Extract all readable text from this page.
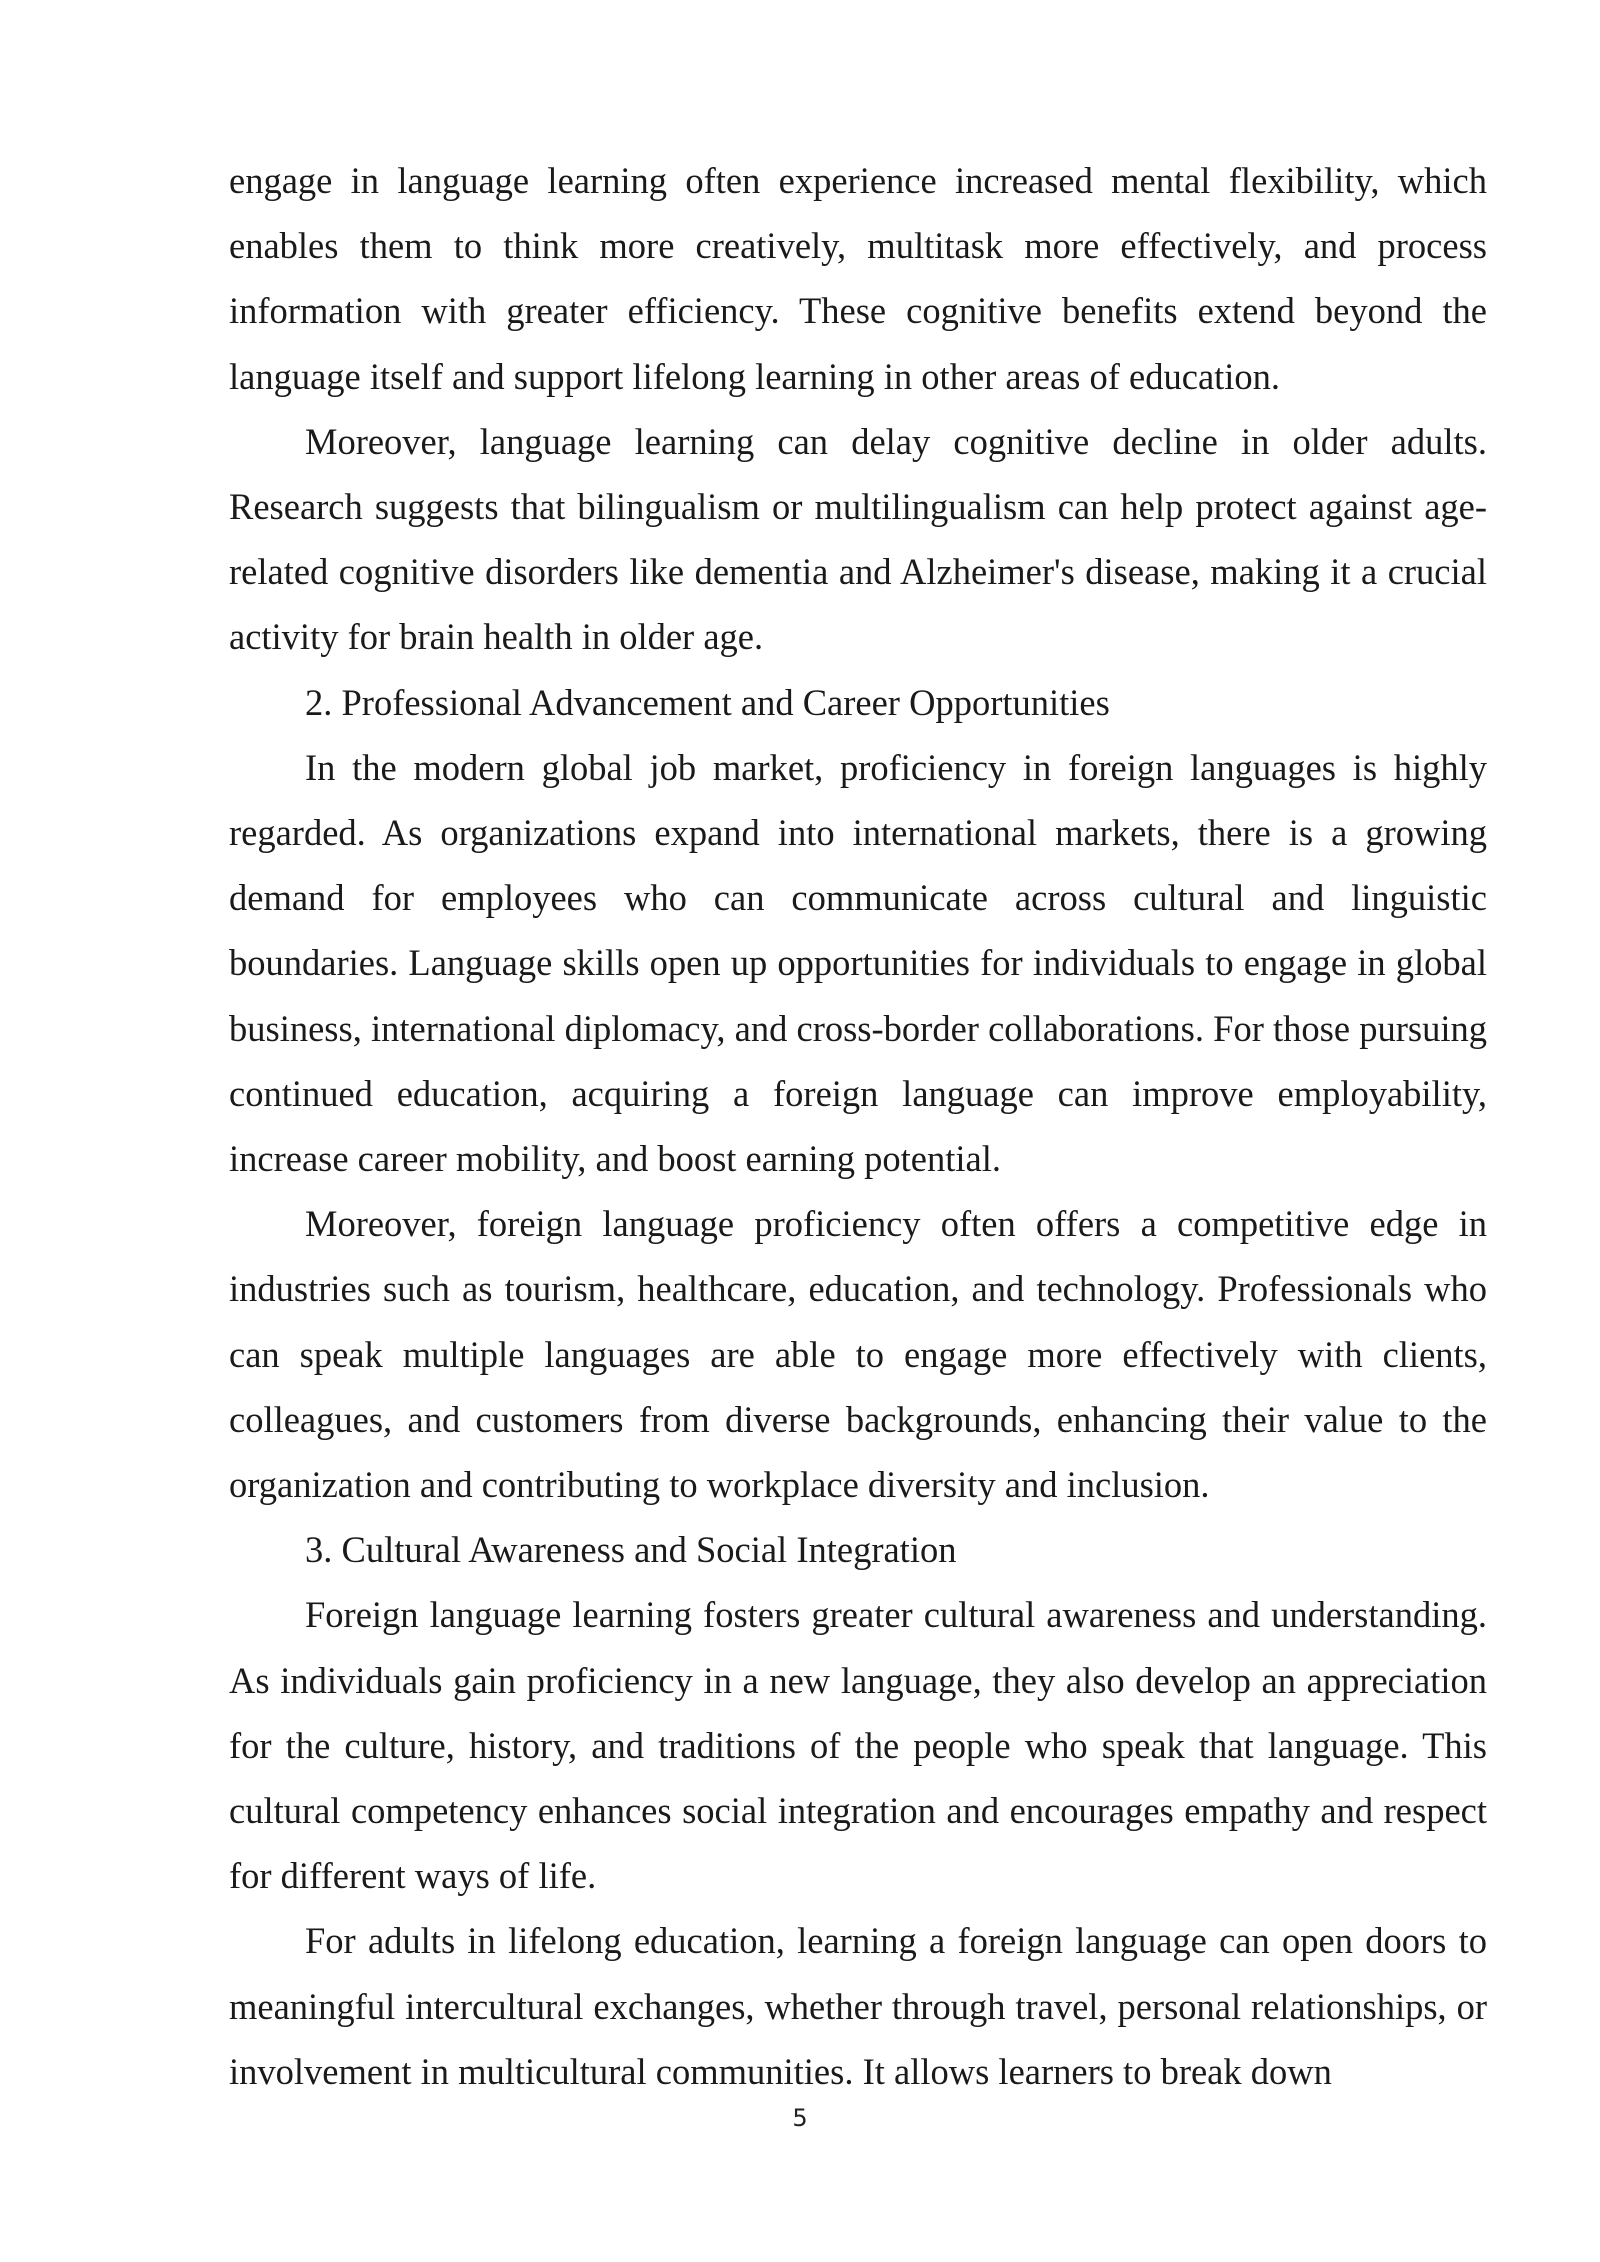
engage in language learning often experience increased mental flexibility, which enables them to think more creatively, multitask more effectively, and process information with greater efficiency. These cognitive benefits extend beyond the language itself and support lifelong learning in other areas of education.

Moreover, language learning can delay cognitive decline in older adults. Research suggests that bilingualism or multilingualism can help protect against age-related cognitive disorders like dementia and Alzheimer's disease, making it a crucial activity for brain health in older age.

2. Professional Advancement and Career Opportunities

In the modern global job market, proficiency in foreign languages is highly regarded. As organizations expand into international markets, there is a growing demand for employees who can communicate across cultural and linguistic boundaries. Language skills open up opportunities for individuals to engage in global business, international diplomacy, and cross-border collaborations. For those pursuing continued education, acquiring a foreign language can improve employability, increase career mobility, and boost earning potential.

Moreover, foreign language proficiency often offers a competitive edge in industries such as tourism, healthcare, education, and technology. Professionals who can speak multiple languages are able to engage more effectively with clients, colleagues, and customers from diverse backgrounds, enhancing their value to the organization and contributing to workplace diversity and inclusion.

3. Cultural Awareness and Social Integration

Foreign language learning fosters greater cultural awareness and understanding. As individuals gain proficiency in a new language, they also develop an appreciation for the culture, history, and traditions of the people who speak that language. This cultural competency enhances social integration and encourages empathy and respect for different ways of life.

For adults in lifelong education, learning a foreign language can open doors to meaningful intercultural exchanges, whether through travel, personal relationships, or involvement in multicultural communities. It allows learners to break down

5
